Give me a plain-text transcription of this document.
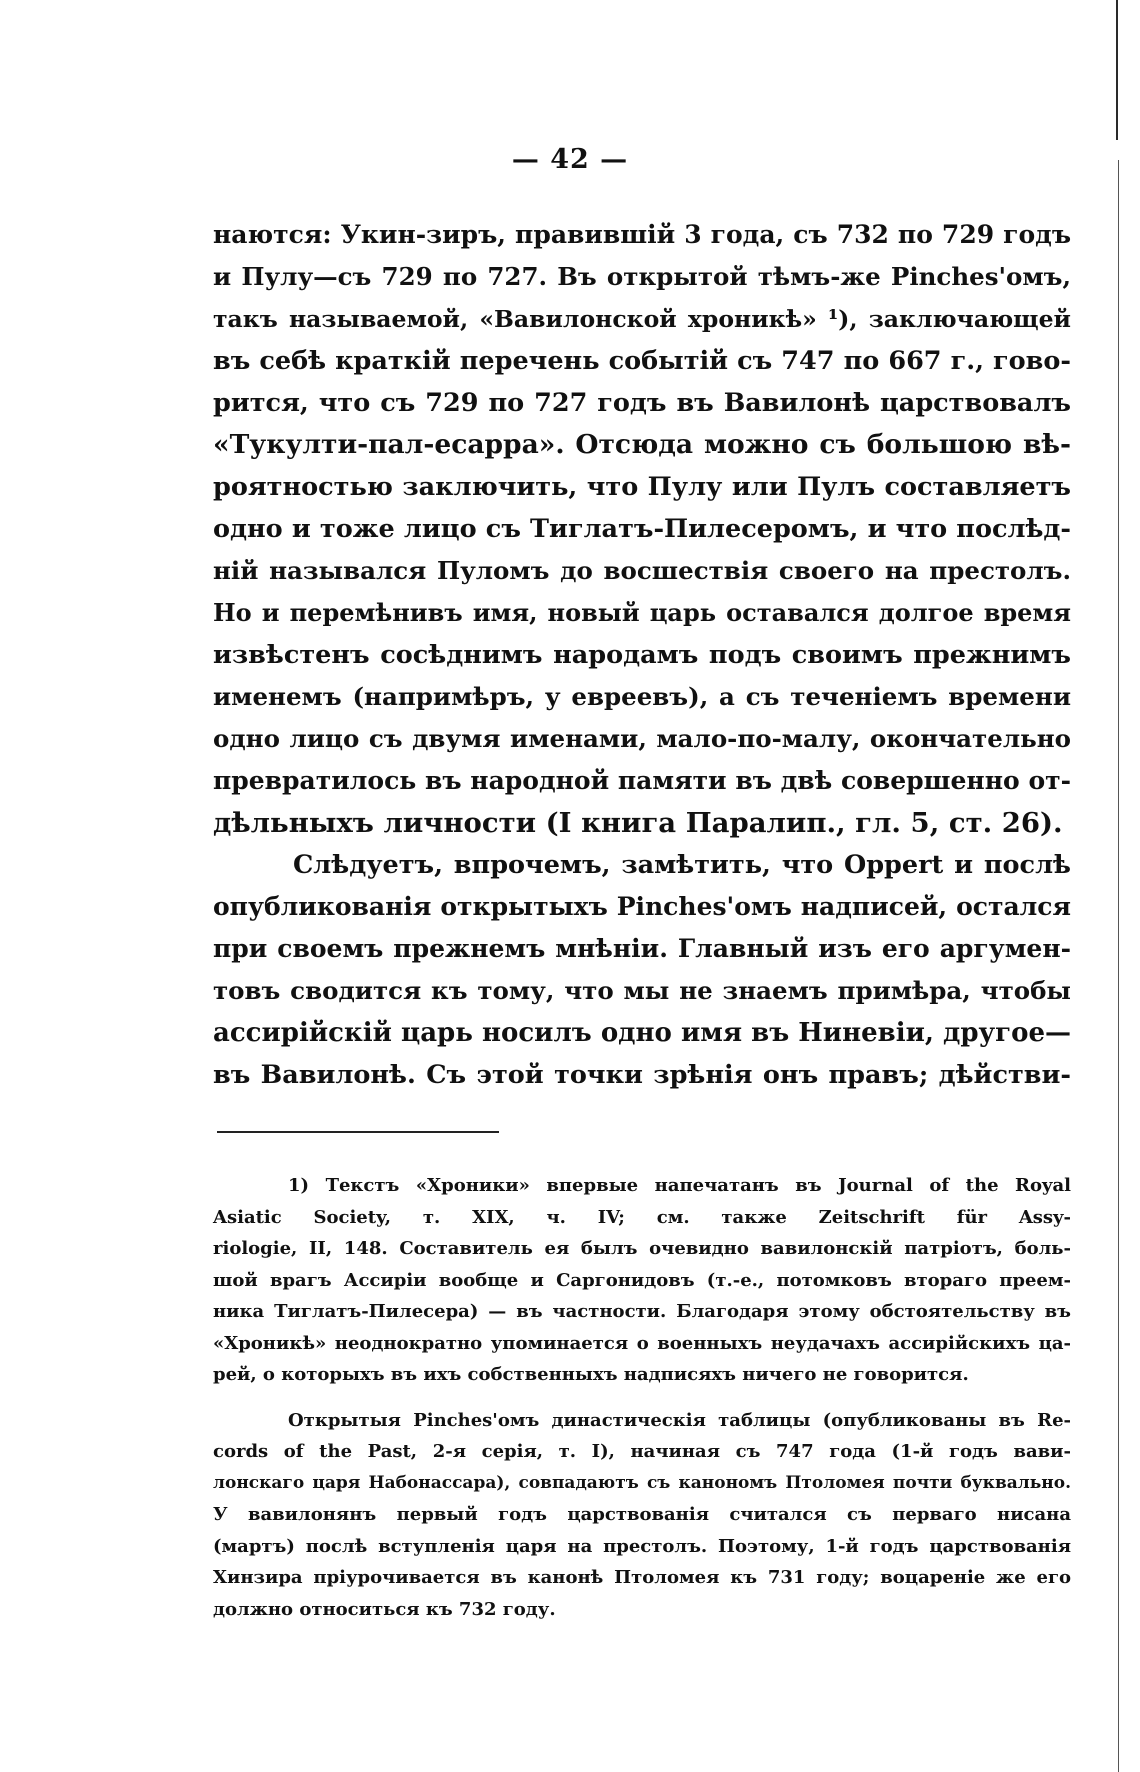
— 42 —
наются: Укин-зиръ, правившій 3 года, съ 732 по 729 годъ
и Пулу—съ 729 по 727. Въ открытой тѣмъ-же Pinches'омъ,
такъ называемой, «Вавилонской хроникѣ» ¹), заключающей
въ себѣ краткій перечень событій съ 747 по 667 г., гово-
рится, что съ 729 по 727 годъ въ Вавилонѣ царствовалъ
«Тукулти-пал-есарра». Отсюда можно съ большою вѣ-
роятностью заключить, что Пулу или Пулъ составляетъ
одно и тоже лицо съ Тиглатъ-Пилесеромъ, и что послѣд-
ній назывался Пуломъ до восшествія своего на престолъ.
Но и перемѣнивъ имя, новый царь оставался долгое время
извѣстенъ сосѣднимъ народамъ подъ своимъ прежнимъ
именемъ (напримѣръ, у евреевъ), а съ теченіемъ времени
одно лицо съ двумя именами, мало-по-малу, окончательно
превратилось въ народной памяти въ двѣ совершенно от-
дѣльныхъ личности (I книга Паралип., гл. 5, ст. 26).
Слѣдуетъ, впрочемъ, замѣтить, что Oppert и послѣ
опубликованія открытыхъ Pinches'омъ надписей, остался
при своемъ прежнемъ мнѣніи. Главный изъ его аргумен-
товъ сводится къ тому, что мы не знаемъ примѣра, чтобы
ассирійскій царь носилъ одно имя въ Ниневіи, другое—
въ Вавилонѣ. Съ этой точки зрѣнія онъ правъ; дѣйстви-
1) Текстъ «Хроники» впервые напечатанъ въ Journal of the Royal
Asiatic Society, т. XIX, ч. IV; см. также Zeitschrift für Assy-
riologie, II, 148. Составитель ея былъ очевидно вавилонскій патріотъ, боль-
шой врагъ Ассиріи вообще и Саргонидовъ (т.-е., потомковъ втораго преем-
ника Тиглатъ-Пилесера) — въ частности. Благодаря этому обстоятельству въ
«Хроникѣ» неоднократно упоминается о военныхъ неудачахъ ассирійскихъ ца-
рей, о которыхъ въ ихъ собственныхъ надписяхъ ничего не говорится.
Открытыя Pinches'омъ династическія таблицы (опубликованы въ Re-
cords of the Past, 2-я серія, т. I), начиная съ 747 года (1-й годъ вави-
лонскаго царя Набонассара), совпадаютъ съ канономъ Птоломея почти буквально.
У вавилонянъ первый годъ царствованія считался съ перваго нисана
(мартъ) послѣ вступленія царя на престолъ. Поэтому, 1-й годъ царствованія
Хинзира пріурочивается въ канонѣ Птоломея къ 731 году; воцареніе же его
должно относиться къ 732 году.
